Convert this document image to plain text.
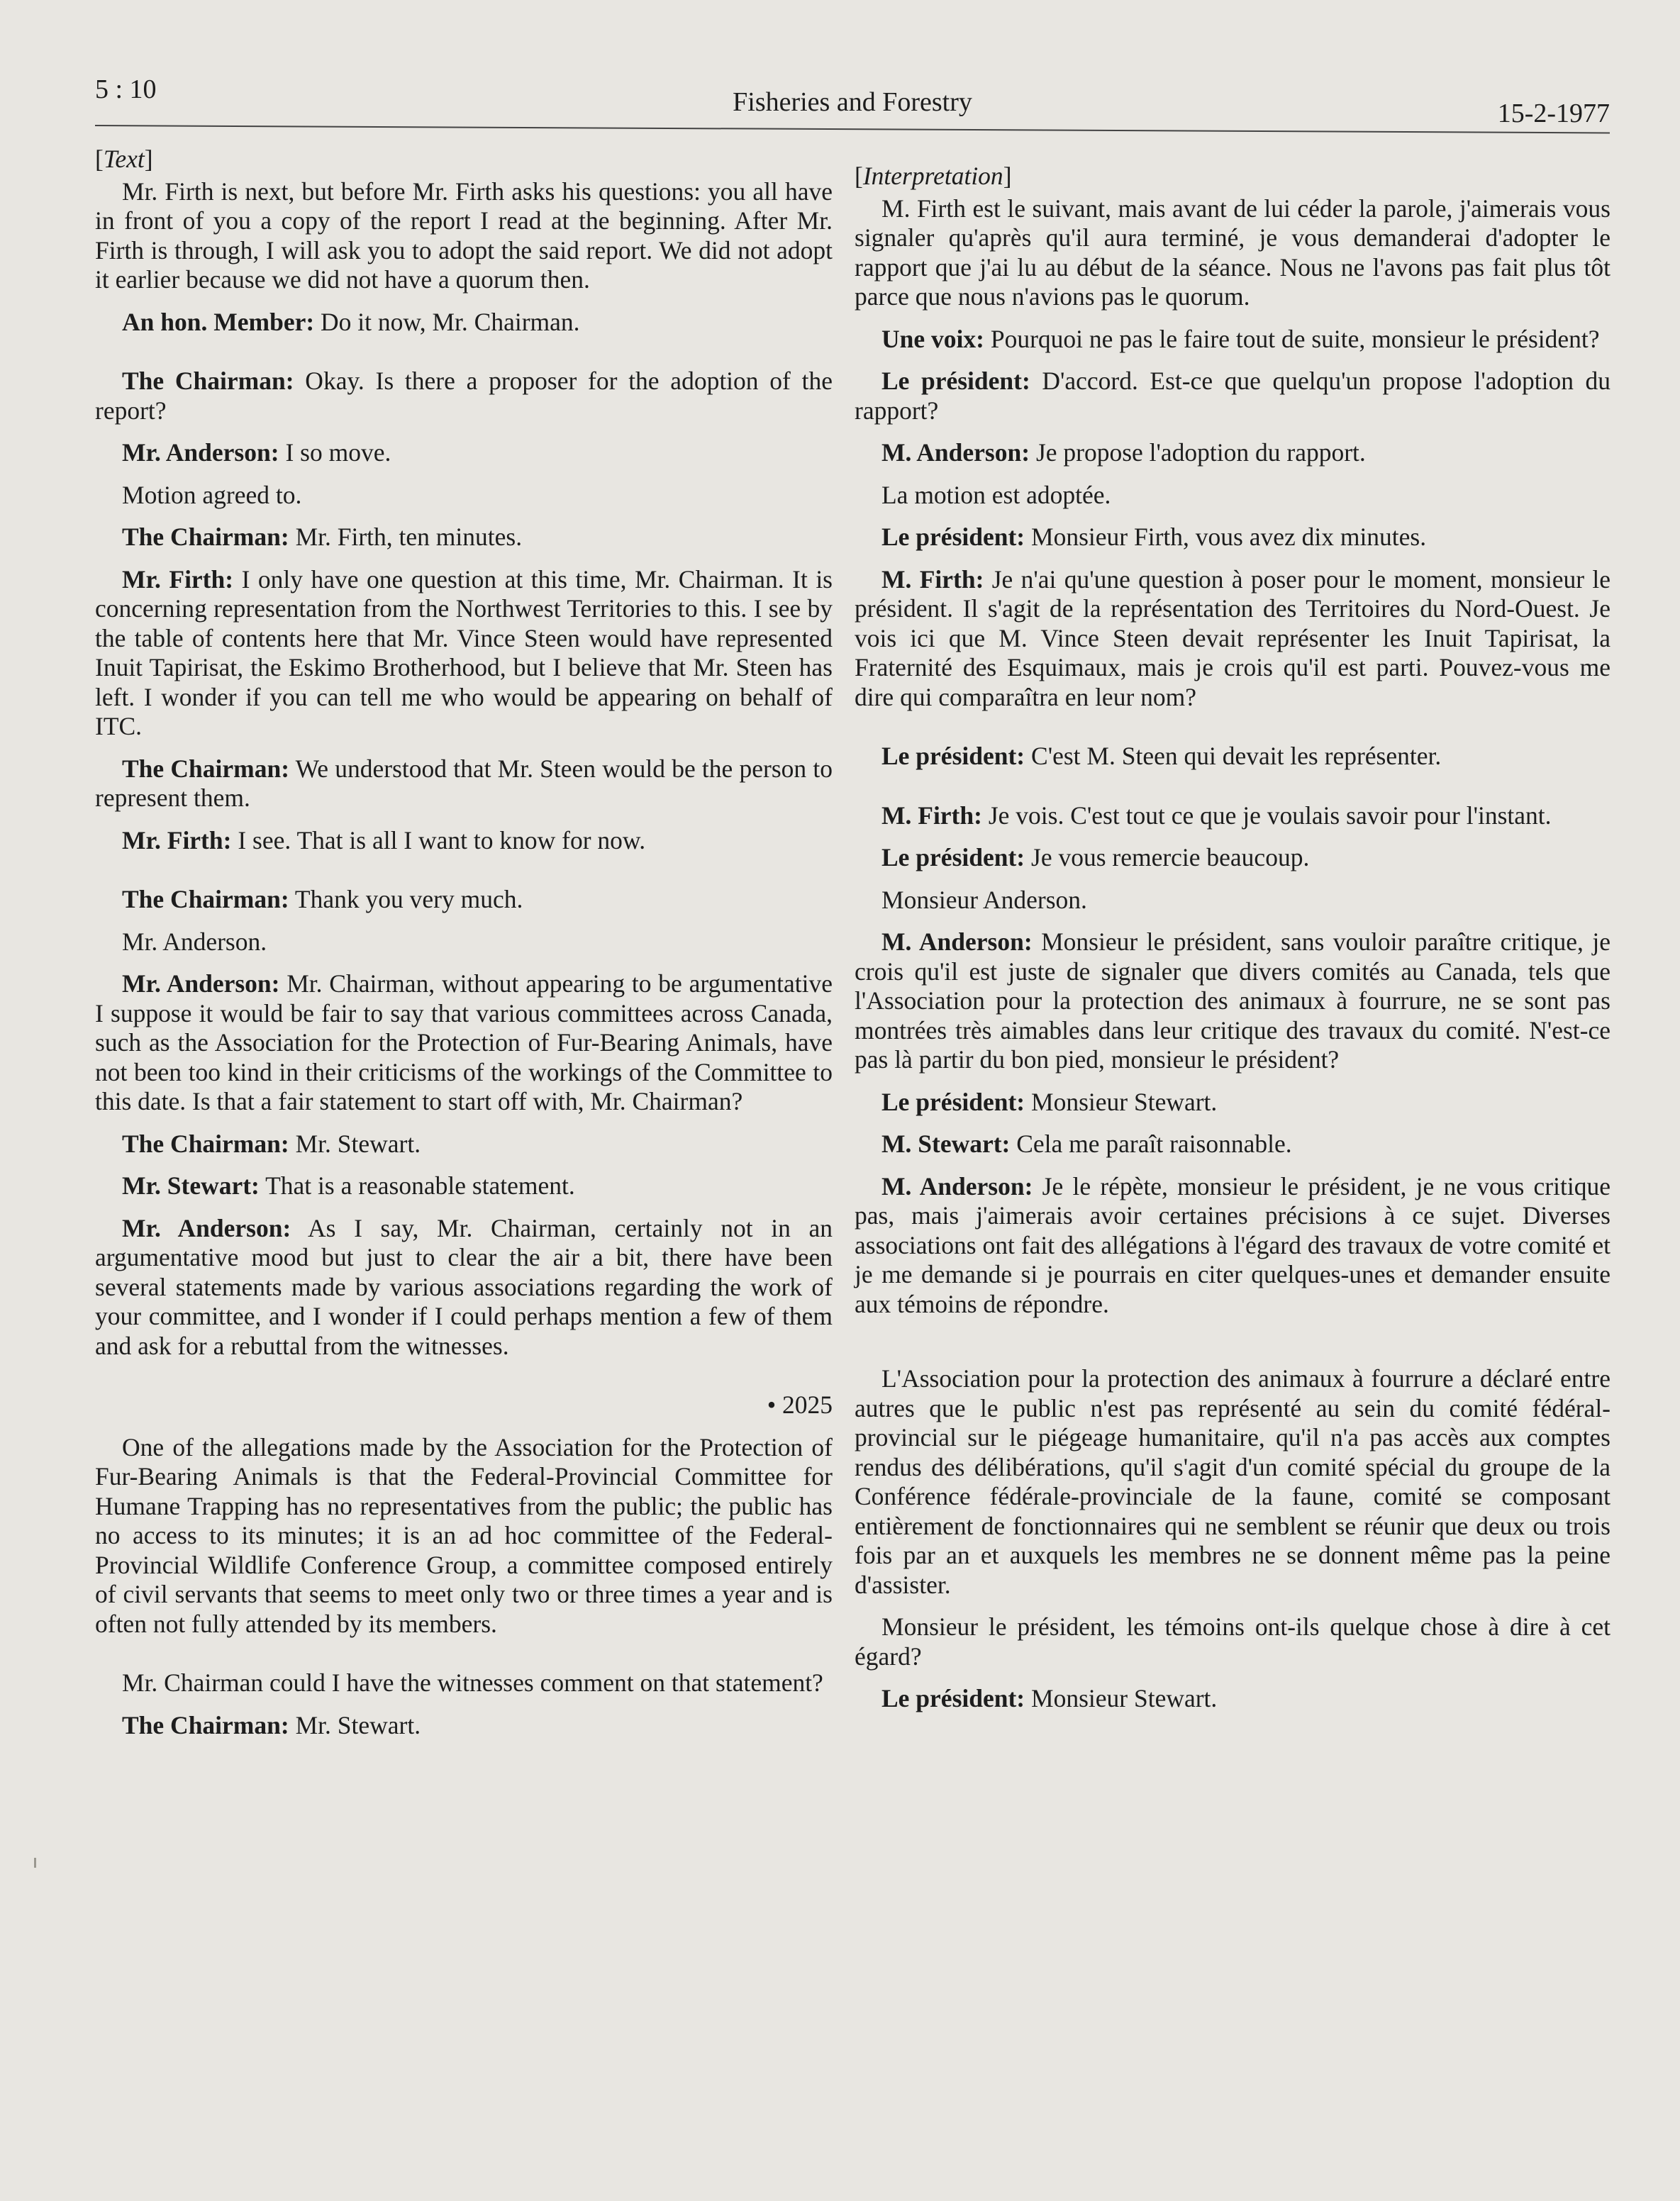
5 : 10	Fisheries and Forestry	15-2-1977

[Text]

Mr. Firth is next, but before Mr. Firth asks his questions: you all have in front of you a copy of the report I read at the beginning. After Mr. Firth is through, I will ask you to adopt the said report. We did not adopt it earlier because we did not have a quorum then.

An hon. Member: Do it now, Mr. Chairman.

The Chairman: Okay. Is there a proposer for the adoption of the report?

Mr. Anderson: I so move.

Motion agreed to.

The Chairman: Mr. Firth, ten minutes.

Mr. Firth: I only have one question at this time, Mr. Chairman. It is concerning representation from the Northwest Territories to this. I see by the table of contents here that Mr. Vince Steen would have represented Inuit Tapirisat, the Eskimo Brotherhood, but I believe that Mr. Steen has left. I wonder if you can tell me who would be appearing on behalf of ITC.

The Chairman: We understood that Mr. Steen would be the person to represent them.

Mr. Firth: I see. That is all I want to know for now.

The Chairman: Thank you very much.

Mr. Anderson.

Mr. Anderson: Mr. Chairman, without appearing to be argumentative I suppose it would be fair to say that various committees across Canada, such as the Association for the Protection of Fur-Bearing Animals, have not been too kind in their criticisms of the workings of the Committee to this date. Is that a fair statement to start off with, Mr. Chairman?

The Chairman: Mr. Stewart.

Mr. Stewart: That is a reasonable statement.

Mr. Anderson: As I say, Mr. Chairman, certainly not in an argumentative mood but just to clear the air a bit, there have been several statements made by various associations regarding the work of your committee, and I wonder if I could perhaps mention a few of them and ask for a rebuttal from the witnesses.

• 2025

One of the allegations made by the Association for the Protection of Fur-Bearing Animals is that the Federal-Provincial Committee for Humane Trapping has no representatives from the public; the public has no access to its minutes; it is an ad hoc committee of the Federal-Provincial Wildlife Conference Group, a committee composed entirely of civil servants that seems to meet only two or three times a year and is often not fully attended by its members.

Mr. Chairman could I have the witnesses comment on that statement?

The Chairman: Mr. Stewart.

[Interpretation]

M. Firth est le suivant, mais avant de lui céder la parole, j'aimerais vous signaler qu'après qu'il aura terminé, je vous demanderai d'adopter le rapport que j'ai lu au début de la séance. Nous ne l'avons pas fait plus tôt parce que nous n'avions pas le quorum.

Une voix: Pourquoi ne pas le faire tout de suite, monsieur le président?

Le président: D'accord. Est-ce que quelqu'un propose l'adoption du rapport?

M. Anderson: Je propose l'adoption du rapport.

La motion est adoptée.

Le président: Monsieur Firth, vous avez dix minutes.

M. Firth: Je n'ai qu'une question à poser pour le moment, monsieur le président. Il s'agit de la représentation des Territoires du Nord-Ouest. Je vois ici que M. Vince Steen devait représenter les Inuit Tapirisat, la Fraternité des Esquimaux, mais je crois qu'il est parti. Pouvez-vous me dire qui comparaîtra en leur nom?

Le président: C'est M. Steen qui devait les représenter.

M. Firth: Je vois. C'est tout ce que je voulais savoir pour l'instant.

Le président: Je vous remercie beaucoup.

Monsieur Anderson.

M. Anderson: Monsieur le président, sans vouloir paraître critique, je crois qu'il est juste de signaler que divers comités au Canada, tels que l'Association pour la protection des animaux à fourrure, ne se sont pas montrées très aimables dans leur critique des travaux du comité. N'est-ce pas là partir du bon pied, monsieur le président?

Le président: Monsieur Stewart.

M. Stewart: Cela me paraît raisonnable.

M. Anderson: Je le répète, monsieur le président, je ne vous critique pas, mais j'aimerais avoir certaines précisions à ce sujet. Diverses associations ont fait des allégations à l'égard des travaux de votre comité et je me demande si je pourrais en citer quelques-unes et demander ensuite aux témoins de répondre.

L'Association pour la protection des animaux à fourrure a déclaré entre autres que le public n'est pas représenté au sein du comité fédéral-provincial sur le piégeage humanitaire, qu'il n'a pas accès aux comptes rendus des délibérations, qu'il s'agit d'un comité spécial du groupe de la Conférence fédérale-provinciale de la faune, comité se composant entièrement de fonctionnaires qui ne semblent se réunir que deux ou trois fois par an et auxquels les membres ne se donnent même pas la peine d'assister.

Monsieur le président, les témoins ont-ils quelque chose à dire à cet égard?

Le président: Monsieur Stewart.
